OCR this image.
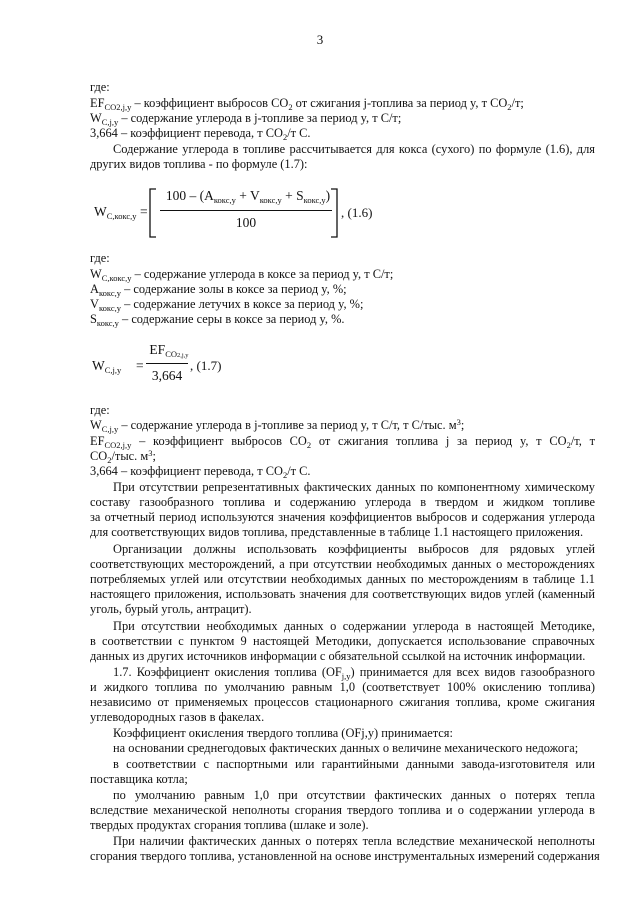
3
где:
$EF_{CO2,j,y}$ – коэффициент выбросов $CO_2$ от сжигания j-топлива за период y, т $CO_2/т$;
$W_{C,j,y}$ – содержание углерода в j-топливе за период y, т С/т;
3,664 – коэффициент перевода, т $CO_2/т$ С.
Содержание углерода в топливе рассчитывается для кокса (сухого) по формуле (1.6), для
других видов топлива - по формуле (1.7):
$W_{C,кокс,y}$ =
$100 - (A_{кокс,y} + V_{кокс,y} + S_{кокс,y})$
100
, (1.6)
где:
$W_{C,кокс,y}$ – содержание углерода в коксе за период y, т С/т;
$A_{кокс,y}$ – содержание золы в коксе за период y, %;
$V_{кокс,y}$ – содержание летучих в коксе за период y, %;
$S_{кокс,y}$ – содержание серы в коксе за период y, %.
$W_{C,j,y}$ =
$EF_{CO2,j,y}$
3,664
, (1.7)
где:
$W_{C,j,y}$ – содержание углерода в j-топливе за период y, т С/т, т С/тыс. $м^3$;
$EF_{CO2,j,y}$ – коэффициент выбросов $CO_2$ от сжигания топлива j за период y, т $CO_2/т$, т
$CO_2$/тыс. $м^3$;
3,664 – коэффициент перевода, т $CO_2/т$ С.
При отсутствии репрезентативных фактических данных по компонентному химическому
составу газообразного топлива и содержанию углерода в твердом и жидком топливе
за отчетный период используются значения коэффициентов выбросов и содержания углерода
для соответствующих видов топлива, представленные в таблице 1.1 настоящего приложения.
Организации должны использовать коэффициенты выбросов для рядовых углей
соответствующих месторождений, а при отсутствии необходимых данных о месторождениях
потребляемых углей или отсутствии необходимых данных по месторождениям в таблице 1.1
настоящего приложения, использовать значения для соответствующих видов углей (каменный
уголь, бурый уголь, антрацит).
При отсутствии необходимых данных о содержании углерода в настоящей Методике,
в соответствии с пунктом 9 настоящей Методики, допускается использование справочных
данных из других источников информации с обязательной ссылкой на источник информации.
1.7. Коэффициент окисления топлива $(OF_{j,y})$ принимается для всех видов газообразного
и жидкого топлива по умолчанию равным 1,0 (соответствует 100% окислению топлива)
независимо от применяемых процессов стационарного сжигания топлива, кроме сжигания
углеводородных газов в факелах.
Коэффициент окисления твердого топлива (OFj,y) принимается:
на основании среднегодовых фактических данных о величине механического недожога;
в соответствии с паспортными или гарантийными данными завода-изготовителя или
поставщика котла;
по умолчанию равным 1,0 при отсутствии фактических данных о потерях тепла
вследствие механической неполноты сгорания твердого топлива и о содержании углерода в
твердых продуктах сгорания топлива (шлаке и золе).
При наличии фактических данных о потерях тепла вследствие механической неполноты
сгорания твердого топлива, установленной на основе инструментальных измерений содержания
